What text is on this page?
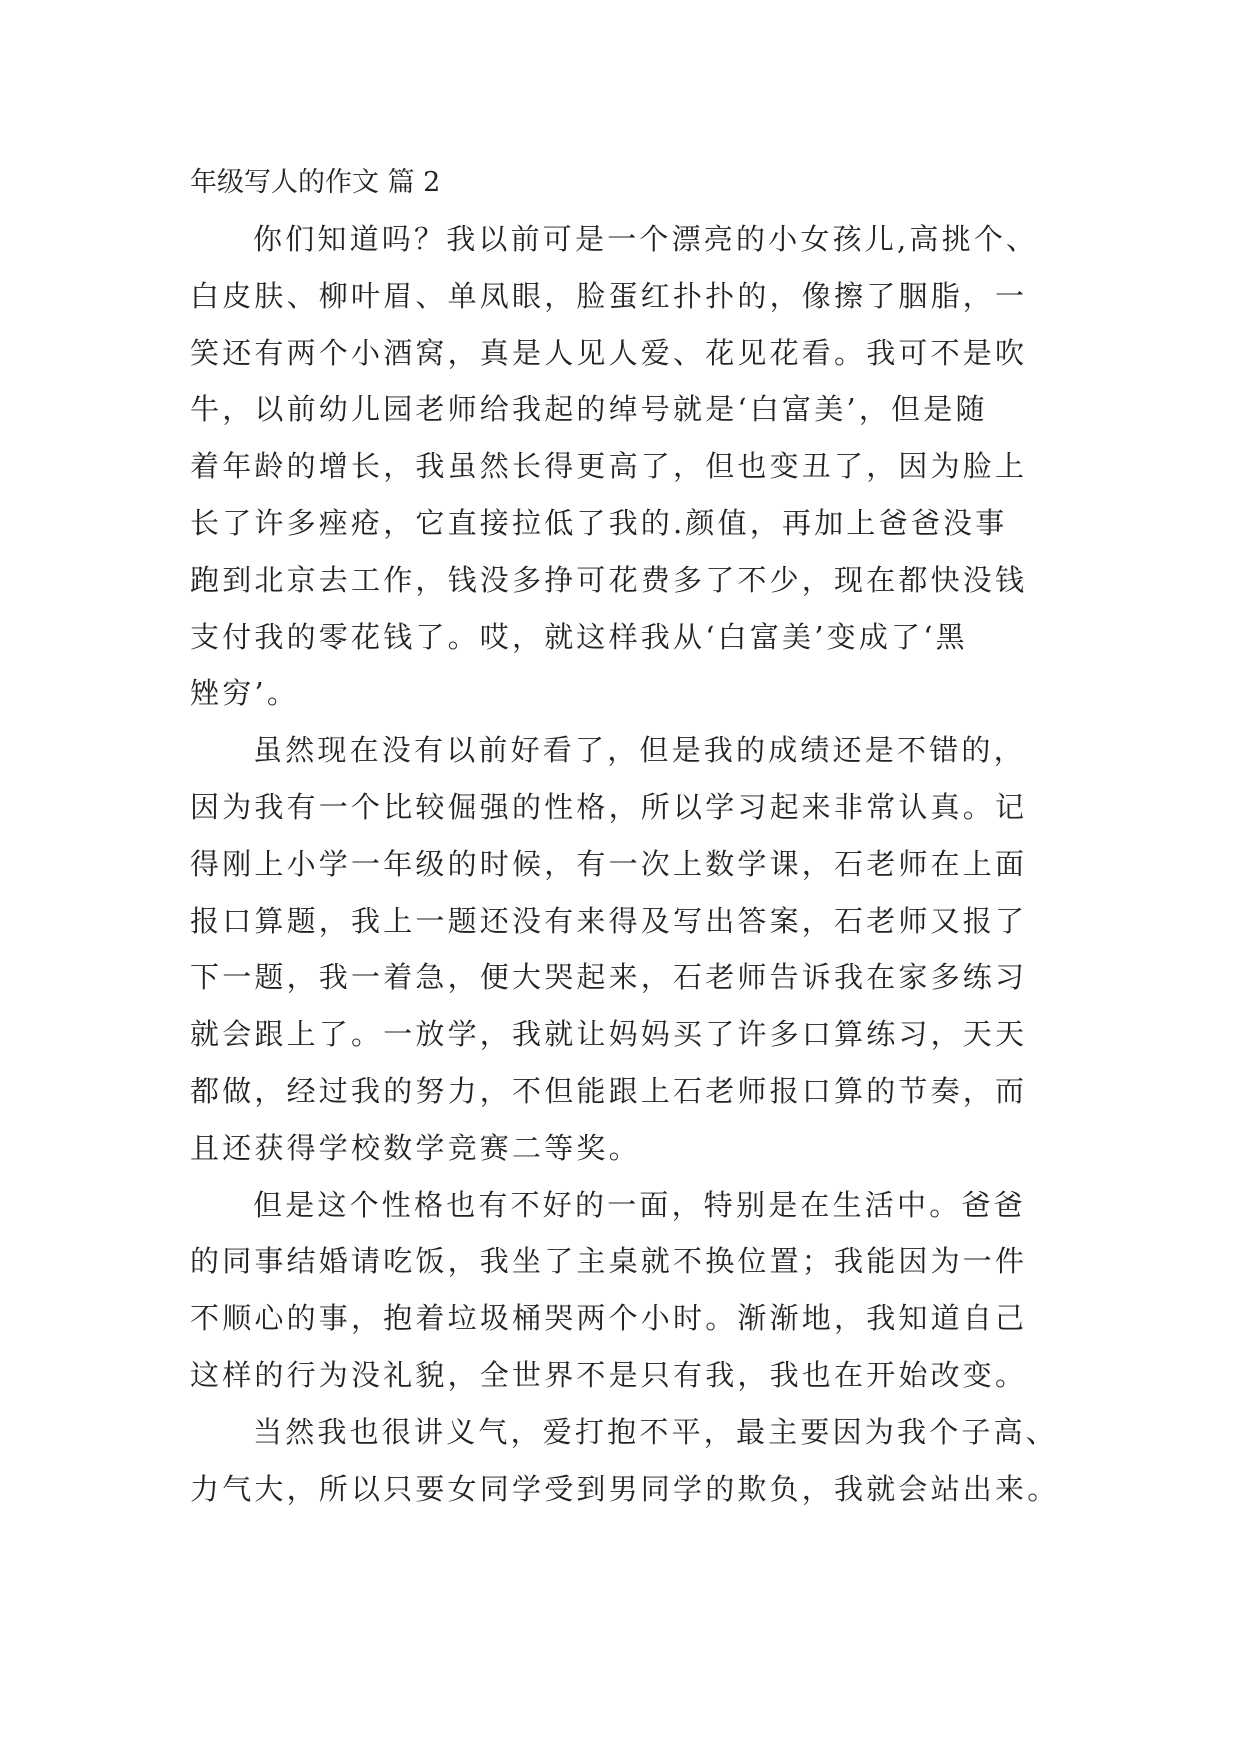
年级写人的作文 篇 2
你们知道吗？我以前可是一个漂亮的小女孩儿,高挑个、
白皮肤、柳叶眉、单凤眼，脸蛋红扑扑的，像擦了胭脂，一
笑还有两个小酒窝，真是人见人爱、花见花看。我可不是吹
牛，以前幼儿园老师给我起的绰号就是‘白富美’，但是随
着年龄的增长，我虽然长得更高了，但也变丑了，因为脸上
长了许多痤疮，它直接拉低了我的.颜值，再加上爸爸没事
跑到北京去工作，钱没多挣可花费多了不少，现在都快没钱
支付我的零花钱了。哎，就这样我从‘白富美’变成了‘黑
矬穷’。
虽然现在没有以前好看了，但是我的成绩还是不错的，
因为我有一个比较倔强的性格，所以学习起来非常认真。记
得刚上小学一年级的时候，有一次上数学课，石老师在上面
报口算题，我上一题还没有来得及写出答案，石老师又报了
下一题，我一着急，便大哭起来，石老师告诉我在家多练习
就会跟上了。一放学，我就让妈妈买了许多口算练习，天天
都做，经过我的努力，不但能跟上石老师报口算的节奏，而
且还获得学校数学竞赛二等奖。
但是这个性格也有不好的一面，特别是在生活中。爸爸
的同事结婚请吃饭，我坐了主桌就不换位置；我能因为一件
不顺心的事，抱着垃圾桶哭两个小时。渐渐地，我知道自己
这样的行为没礼貌，全世界不是只有我，我也在开始改变。
当然我也很讲义气，爱打抱不平，最主要因为我个子高、
力气大，所以只要女同学受到男同学的欺负，我就会站出来。
